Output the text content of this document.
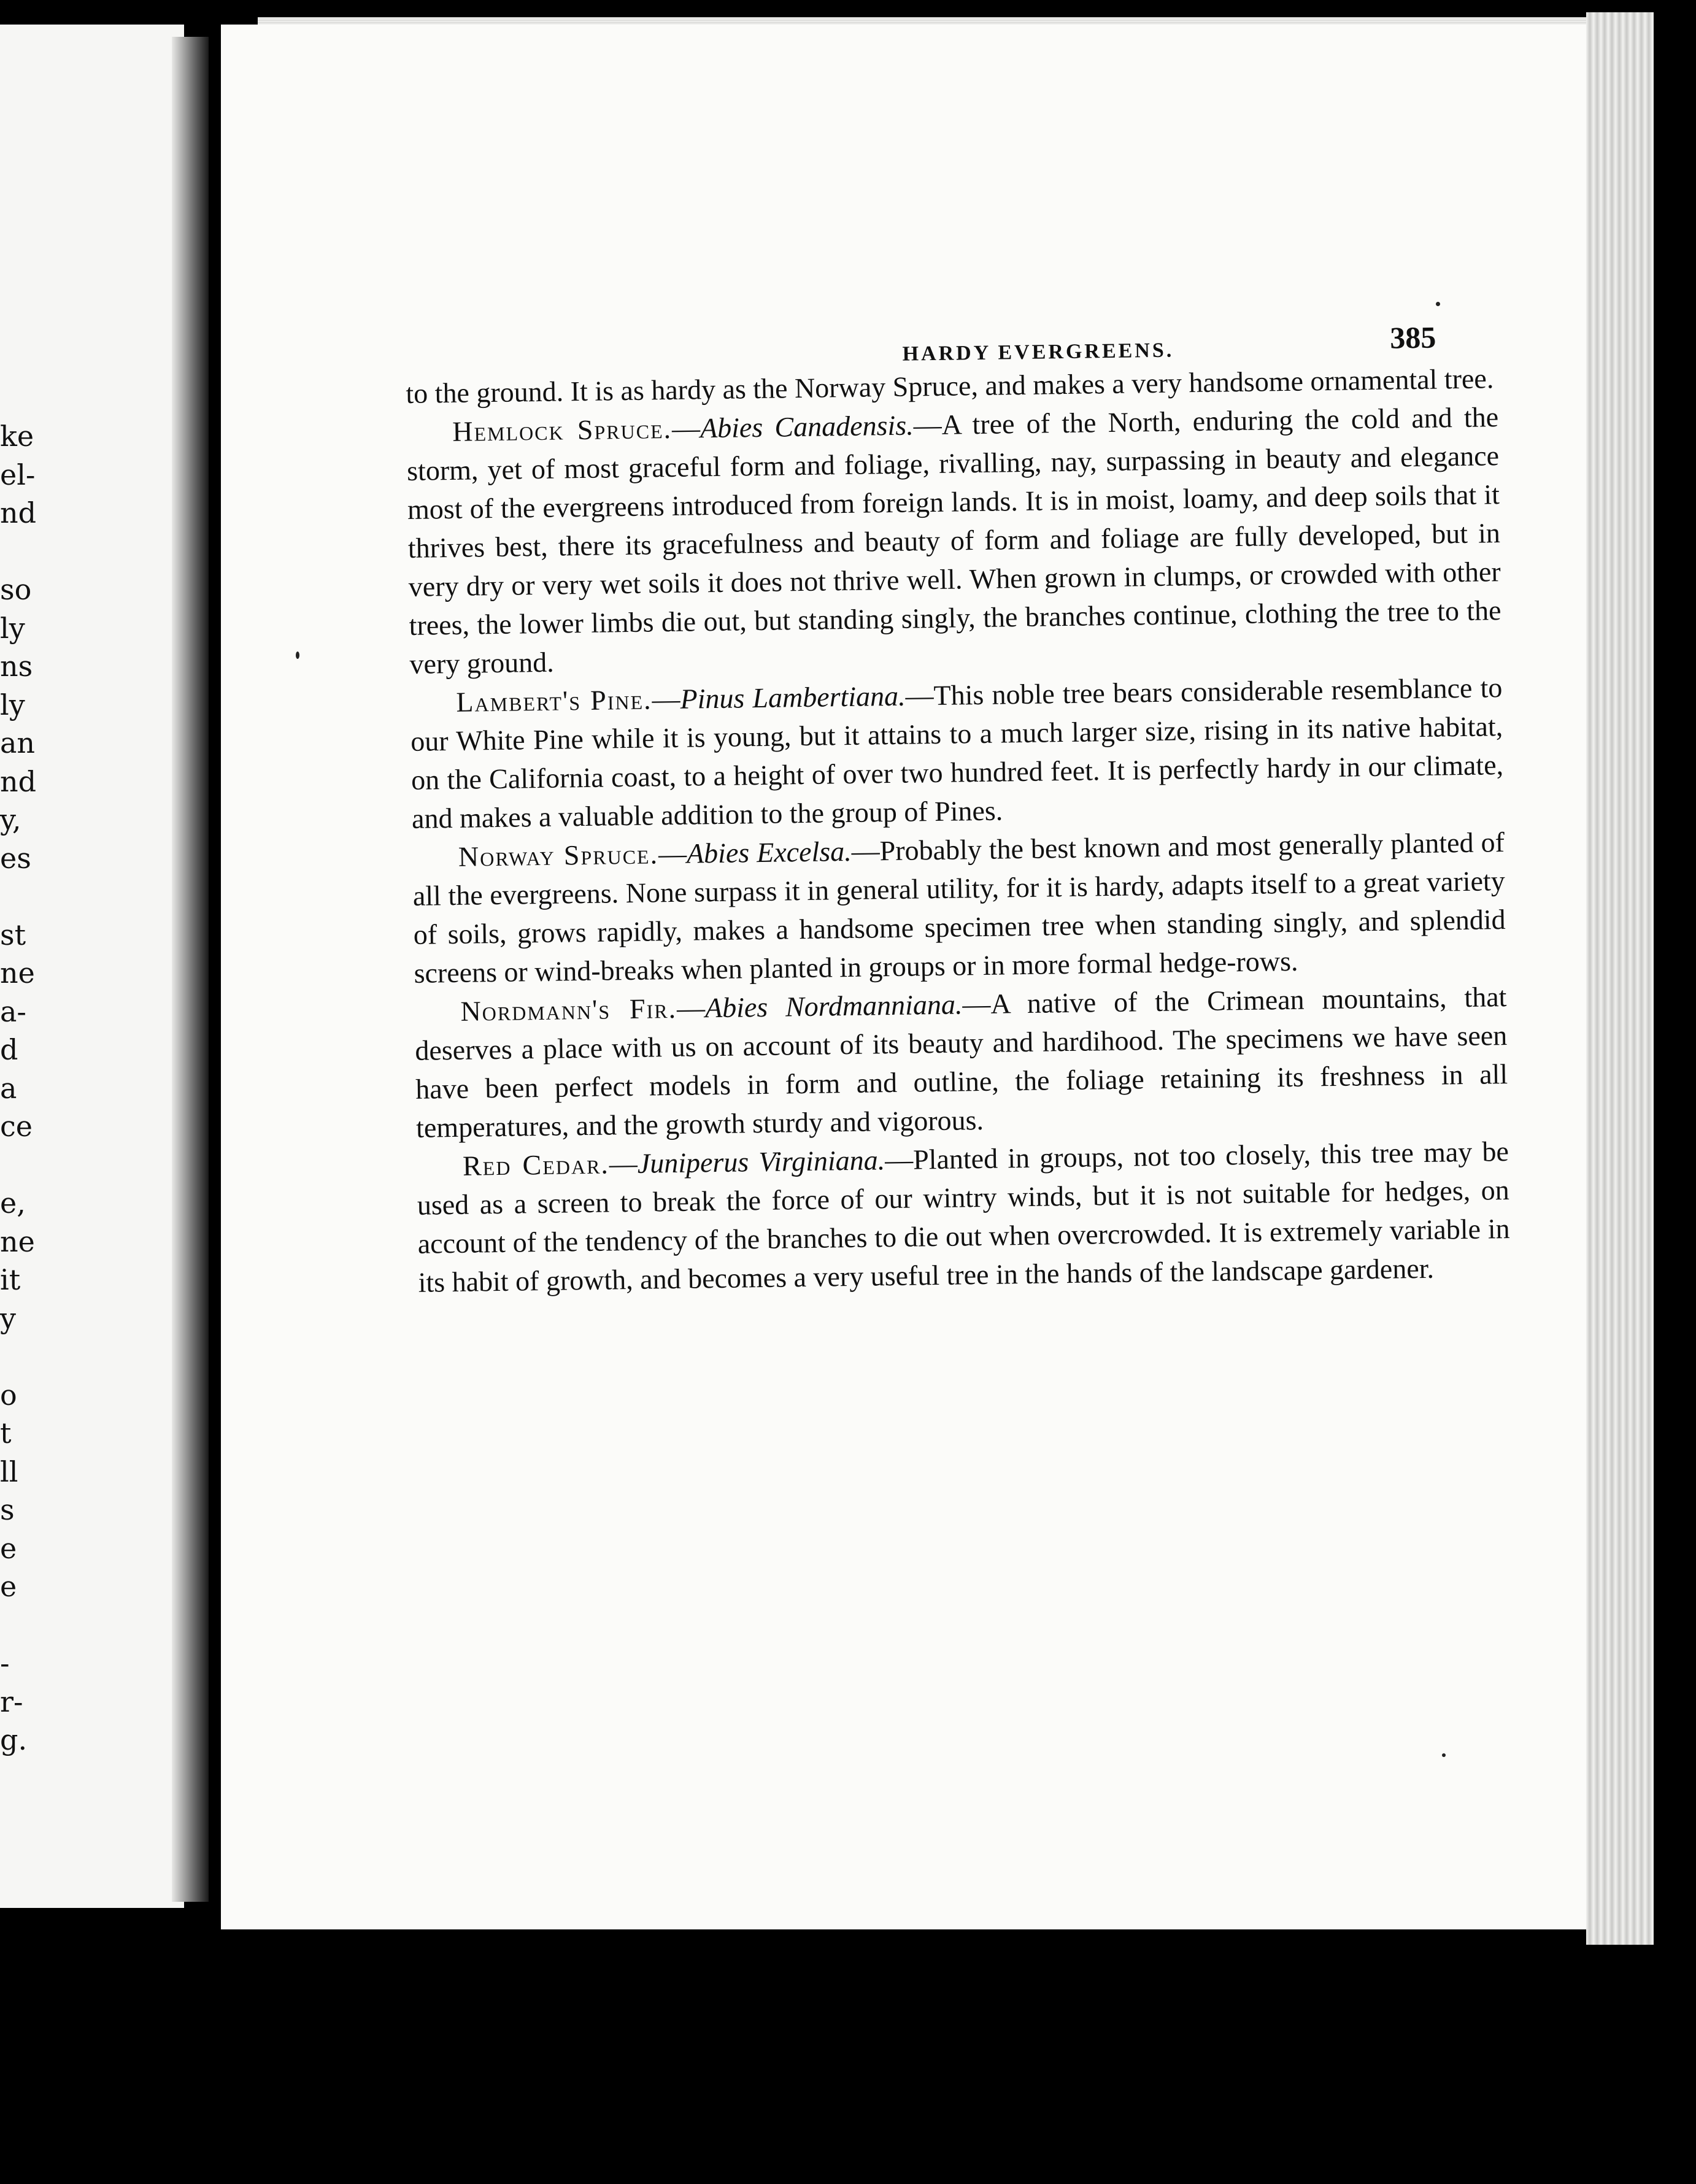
ke
el-
nd

so
ly
ns
ly
an
nd
y,
es

st
ne
a-
d
a
ce

e,
ne
it
y

o
t
ll
s
e
e

-
r-
g.
HARDY EVERGREENS.	385

to the ground. It is as hardy as the Norway Spruce, and makes a very handsome ornamental tree.

Hemlock Spruce.—Abies Canadensis.—A tree of the North, enduring the cold and the storm, yet of most graceful form and foliage, rivalling, nay, surpassing in beauty and elegance most of the evergreens introduced from foreign lands. It is in moist, loamy, and deep soils that it thrives best, there its gracefulness and beauty of form and foliage are fully developed, but in very dry or very wet soils it does not thrive well. When grown in clumps, or crowded with other trees, the lower limbs die out, but standing singly, the branches continue, clothing the tree to the very ground.

Lambert's Pine.—Pinus Lambertiana.—This noble tree bears considerable resemblance to our White Pine while it is young, but it attains to a much larger size, rising in its native habitat, on the California coast, to a height of over two hundred feet. It is perfectly hardy in our climate, and makes a valuable addition to the group of Pines.

Norway Spruce.—Abies Excelsa.—Probably the best known and most generally planted of all the evergreens. None surpass it in general utility, for it is hardy, adapts itself to a great variety of soils, grows rapidly, makes a handsome specimen tree when standing singly, and splendid screens or wind-breaks when planted in groups or in more formal hedge-rows.

Nordmann's Fir.—Abies Nordmanniana.—A native of the Crimean mountains, that deserves a place with us on account of its beauty and hardihood. The specimens we have seen have been perfect models in form and outline, the foliage retaining its freshness in all temperatures, and the growth sturdy and vigorous.

Red Cedar.—Juniperus Virginiana.—Planted in groups, not too closely, this tree may be used as a screen to break the force of our wintry winds, but it is not suitable for hedges, on account of the tendency of the branches to die out when overcrowded. It is extremely variable in its habit of growth, and becomes a very useful tree in the hands of the landscape gardener.
